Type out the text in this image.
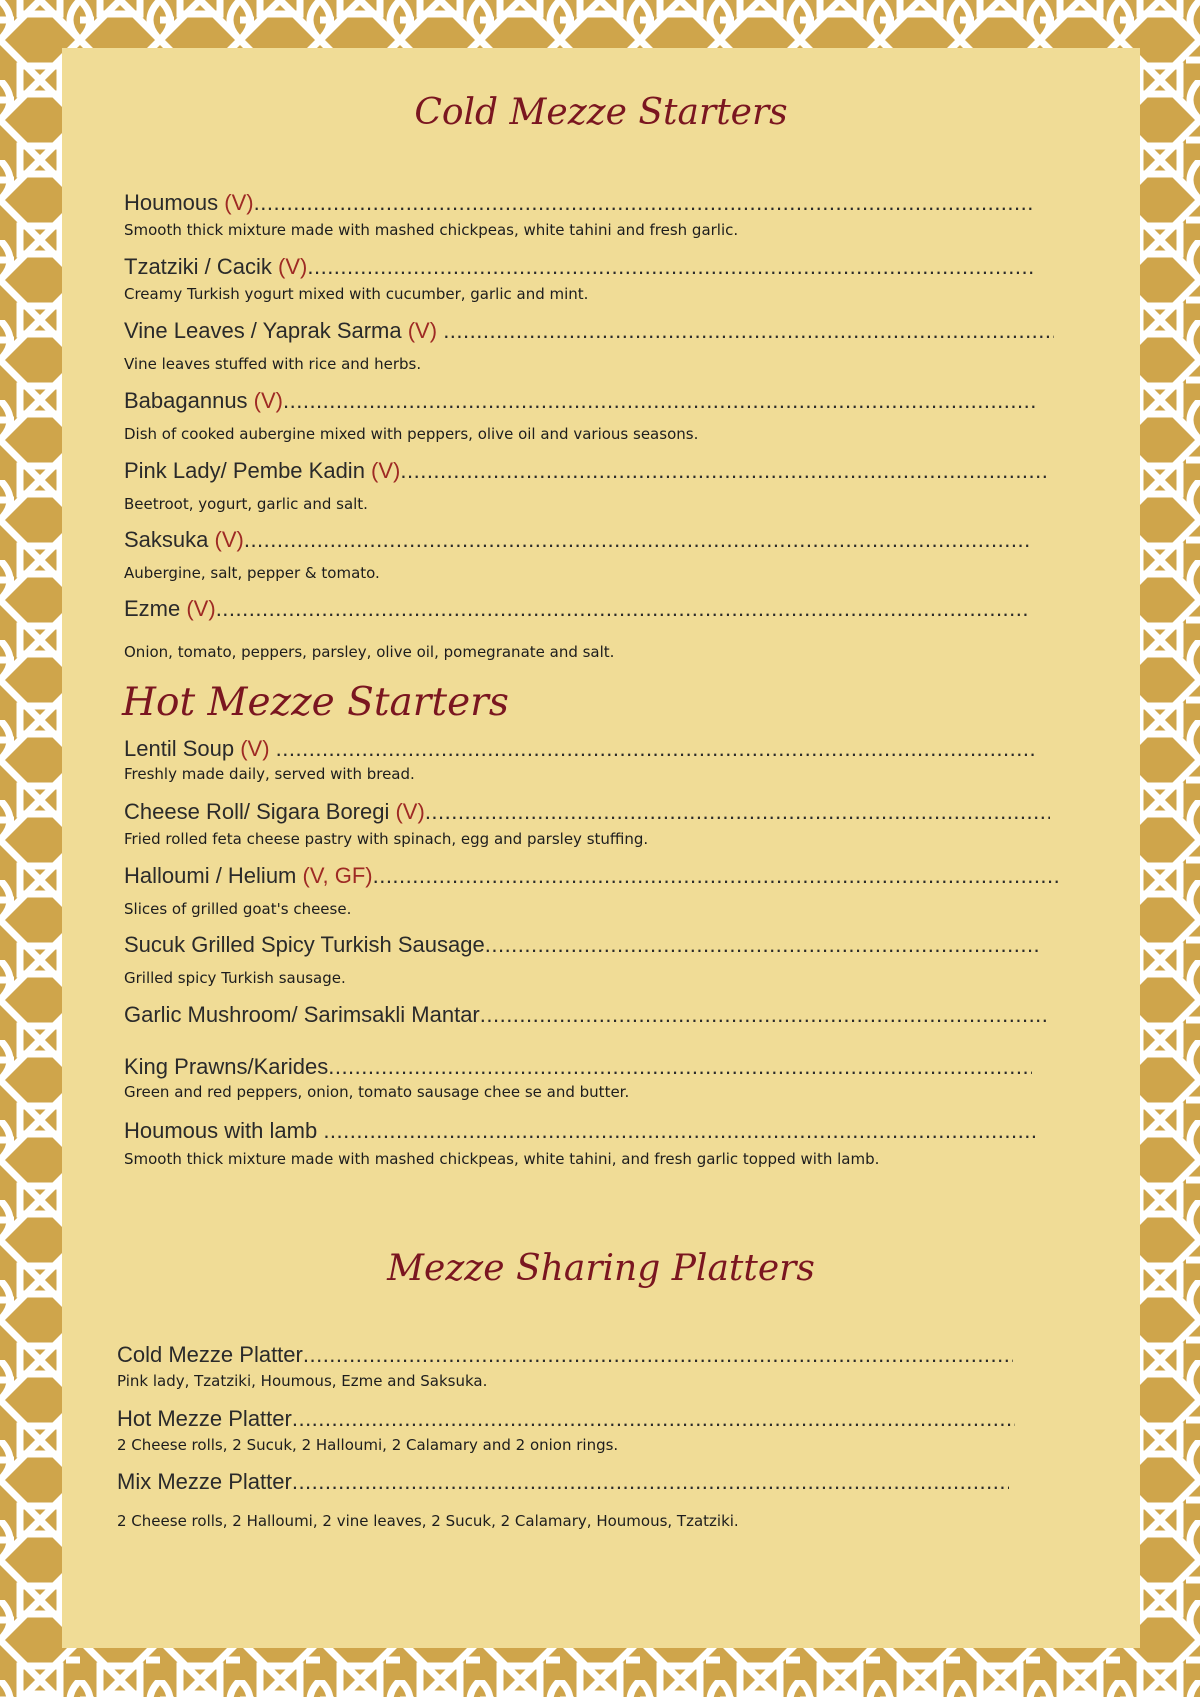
Cold Mezze Starters
Houmous (V) .....
Smooth thick mixture made with mashed chickpeas, white tahini and fresh garlic.
Tzatziki / Cacik (V) .....
Creamy Turkish yogurt mixed with cucumber, garlic and mint.
Vine Leaves / Yaprak Sarma (V) .....
Vine leaves stuffed with rice and herbs.
Babagannus (V) .....
Dish of cooked aubergine mixed with peppers, olive oil and various seasons.
Pink Lady/ Pembe Kadin (V) .....
Beetroot, yogurt, garlic and salt.
Saksuka (V) .....
Aubergine, salt, pepper & tomato.
Ezme (V) .....
Onion, tomato, peppers, parsley, olive oil, pomegranate and salt.
Hot Mezze Starters
Lentil Soup (V) .....
Freshly made daily, served with bread.
Cheese Roll/ Sigara Boregi (V) .....
Fried rolled feta cheese pastry with spinach, egg and parsley stuffing.
Halloumi / Helium (V, GF) .....
Slices of grilled goat's cheese.
Sucuk Grilled Spicy Turkish Sausage .....
Grilled spicy Turkish sausage.
Garlic Mushroom/ Sarimsakli Mantar .....
King Prawns/Karides .....
Green and red peppers, onion, tomato sausage chee se and butter.
Houmous with lamb .....
Smooth thick mixture made with mashed chickpeas, white tahini, and fresh garlic topped with lamb.
Mezze Sharing Platters
Cold Mezze Platter .....
Pink lady, Tzatziki, Houmous, Ezme and Saksuka.
Hot Mezze Platter .....
2 Cheese rolls, 2 Sucuk, 2 Halloumi, 2 Calamary and 2 onion rings.
Mix Mezze Platter .....
2 Cheese rolls, 2 Halloumi, 2 vine leaves, 2 Sucuk, 2 Calamary, Houmous, Tzatziki.
